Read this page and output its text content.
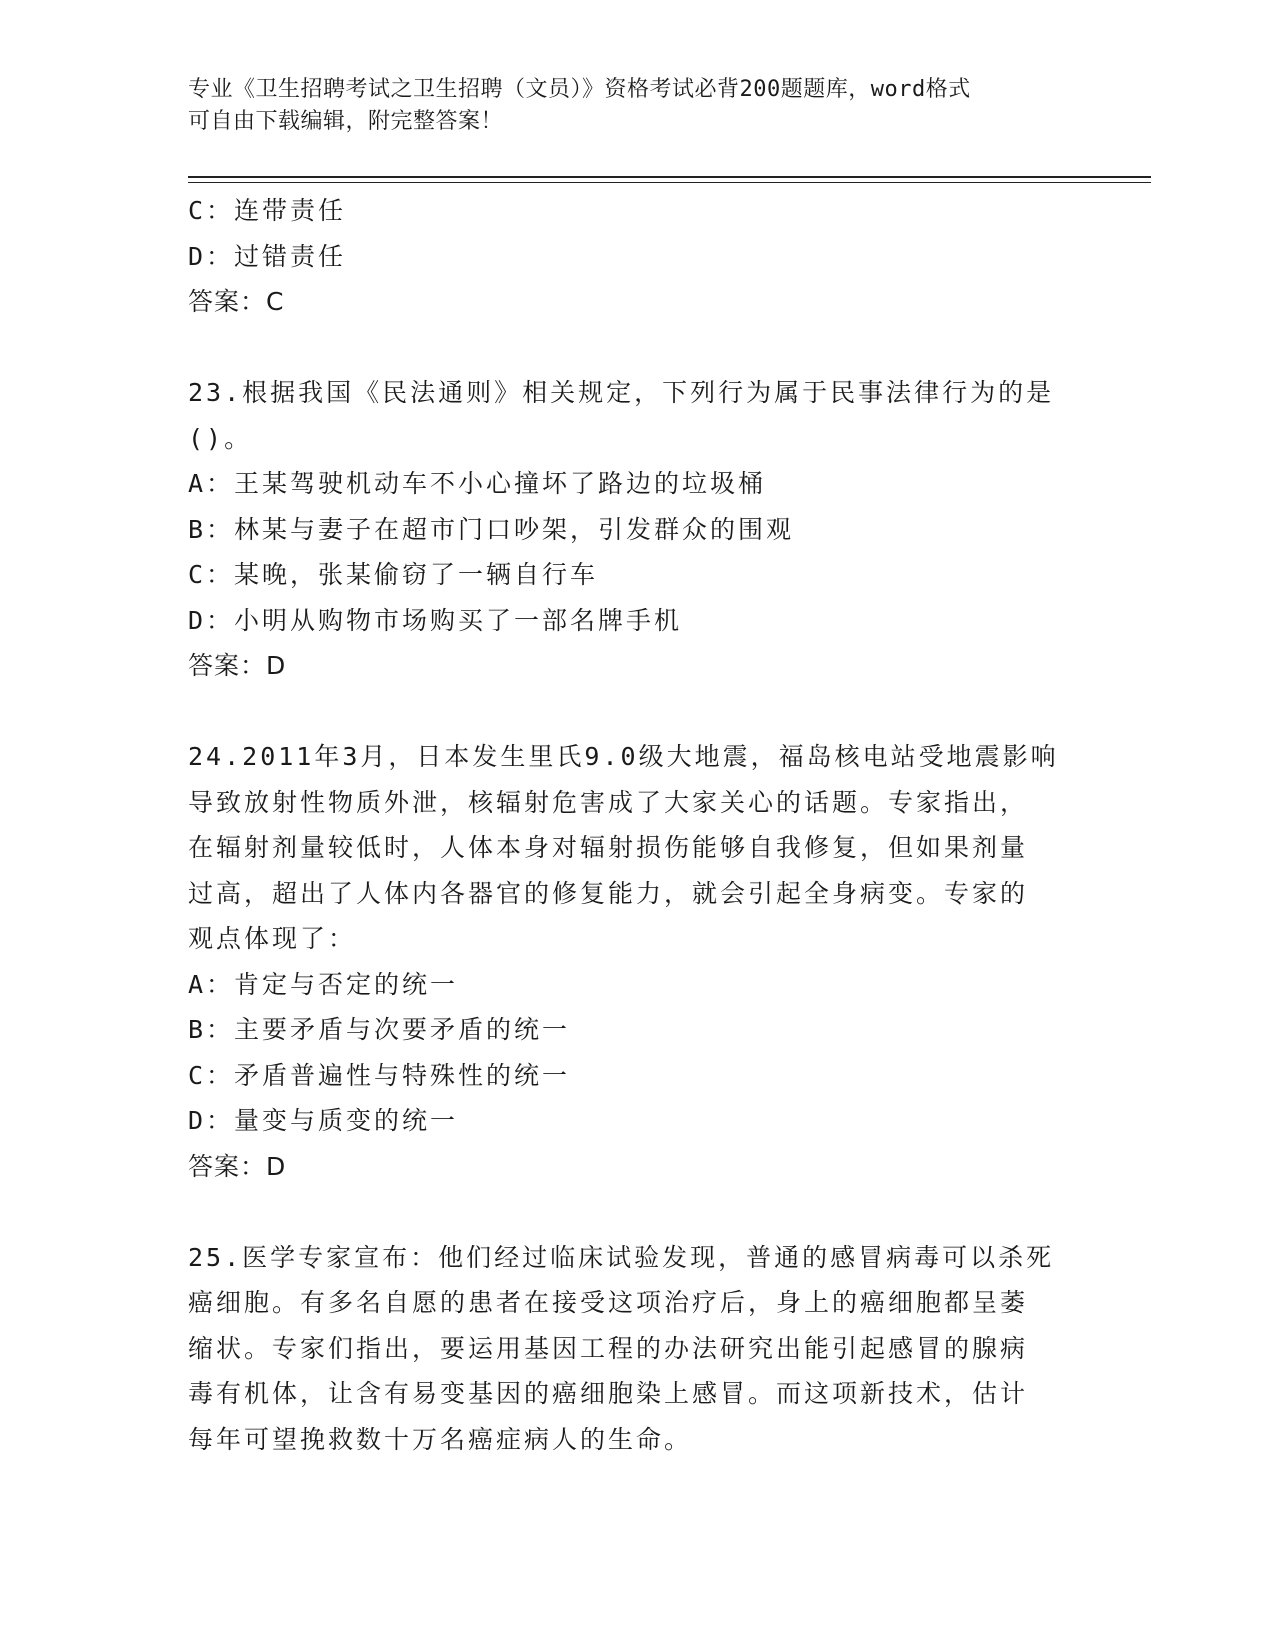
专业《卫生招聘考试之卫生招聘（文员）》资格考试必背200题题库，word格式
可自由下载编辑，附完整答案！
C：连带责任
D：过错责任
答案：C
23.根据我国《民法通则》相关规定，下列行为属于民事法律行为的是
()。
A：王某驾驶机动车不小心撞坏了路边的垃圾桶
B：林某与妻子在超市门口吵架，引发群众的围观
C：某晚，张某偷窃了一辆自行车
D：小明从购物市场购买了一部名牌手机
答案：D
24.2011年3月，日本发生里氏9.0级大地震，福岛核电站受地震影响
导致放射性物质外泄，核辐射危害成了大家关心的话题。专家指出，
在辐射剂量较低时，人体本身对辐射损伤能够自我修复，但如果剂量
过高，超出了人体内各器官的修复能力，就会引起全身病变。专家的
观点体现了：
A：肯定与否定的统一
B：主要矛盾与次要矛盾的统一
C：矛盾普遍性与特殊性的统一
D：量变与质变的统一
答案：D
25.医学专家宣布：他们经过临床试验发现，普通的感冒病毒可以杀死
癌细胞。有多名自愿的患者在接受这项治疗后，身上的癌细胞都呈萎
缩状。专家们指出，要运用基因工程的办法研究出能引起感冒的腺病
毒有机体，让含有易变基因的癌细胞染上感冒。而这项新技术，估计
每年可望挽救数十万名癌症病人的生命。
